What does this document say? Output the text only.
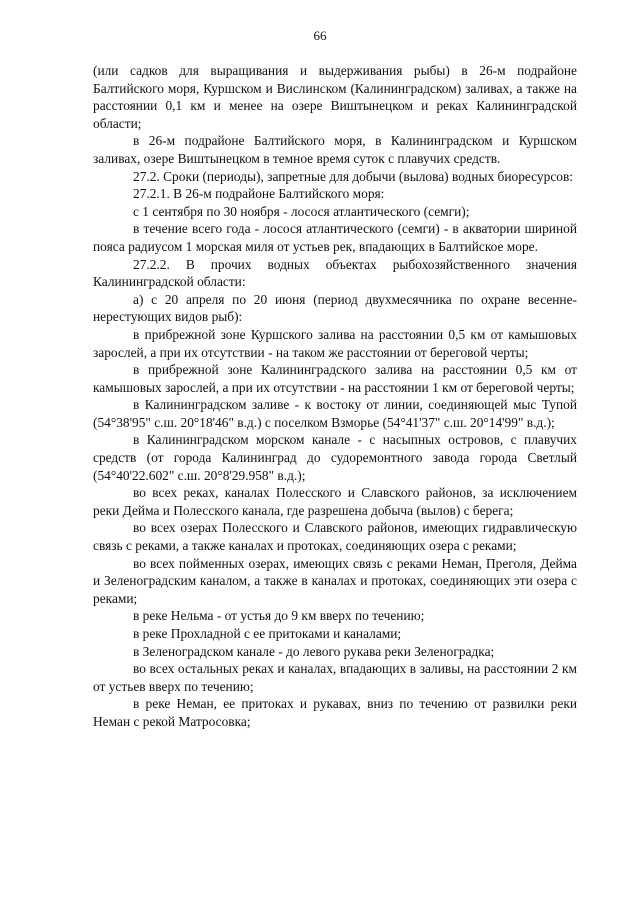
66

(или садков для выращивания и выдерживания рыбы) в 26-м подрайоне Балтийского моря, Куршском и Вислинском (Калининградском) заливах, а также на расстоянии 0,1 км и менее на озере Виштынецком и реках Калининградской области;

в 26-м подрайоне Балтийского моря, в Калининградском и Куршском заливах, озере Виштынецком в темное время суток с плавучих средств.

27.2. Сроки (периоды), запретные для добычи (вылова) водных биоресурсов:

27.2.1. В 26-м подрайоне Балтийского моря:

с 1 сентября по 30 ноября - лосося атлантического (семги);

в течение всего года - лосося атлантического (семги) - в акватории шириной пояса радиусом 1 морская миля от устьев рек, впадающих в Балтийское море.

27.2.2. В прочих водных объектах рыбохозяйственного значения Калининградской области:

а) с 20 апреля по 20 июня (период двухмесячника по охране весенне-нерестующих видов рыб):

в прибрежной зоне Куршского залива на расстоянии 0,5 км от камышовых зарослей, а при их отсутствии - на таком же расстоянии от береговой черты;

в прибрежной зоне Калининградского залива на расстоянии 0,5 км от камышовых зарослей, а при их отсутствии - на расстоянии 1 км от береговой черты;

в Калининградском заливе - к востоку от линии, соединяющей мыс Тупой (54°38'95" с.ш. 20°18'46" в.д.) с поселком Взморье (54°41'37" с.ш. 20°14'99" в.д.);

в Калининградском морском канале - с насыпных островов, с плавучих средств (от города Калининград до судоремонтного завода города Светлый (54°40'22.602" с.ш. 20°8'29.958" в.д.);

во всех реках, каналах Полесского и Славского районов, за исключением реки Дейма и Полесского канала, где разрешена добыча (вылов) с берега;

во всех озерах Полесского и Славского районов, имеющих гидравлическую связь с реками, а также каналах и протоках, соединяющих озера с реками;

во всех пойменных озерах, имеющих связь с реками Неман, Преголя, Дейма и Зеленоградским каналом, а также в каналах и протоках, соединяющих эти озера с реками;

в реке Нельма - от устья до 9 км вверх по течению;

в реке Прохладной с ее притоками и каналами;

в Зеленоградском канале - до левого рукава реки Зеленоградка;

во всех остальных реках и каналах, впадающих в заливы, на расстоянии 2 км от устьев вверх по течению;

в реке Неман, ее притоках и рукавах, вниз по течению от развилки реки Неман с рекой Матросовка;
